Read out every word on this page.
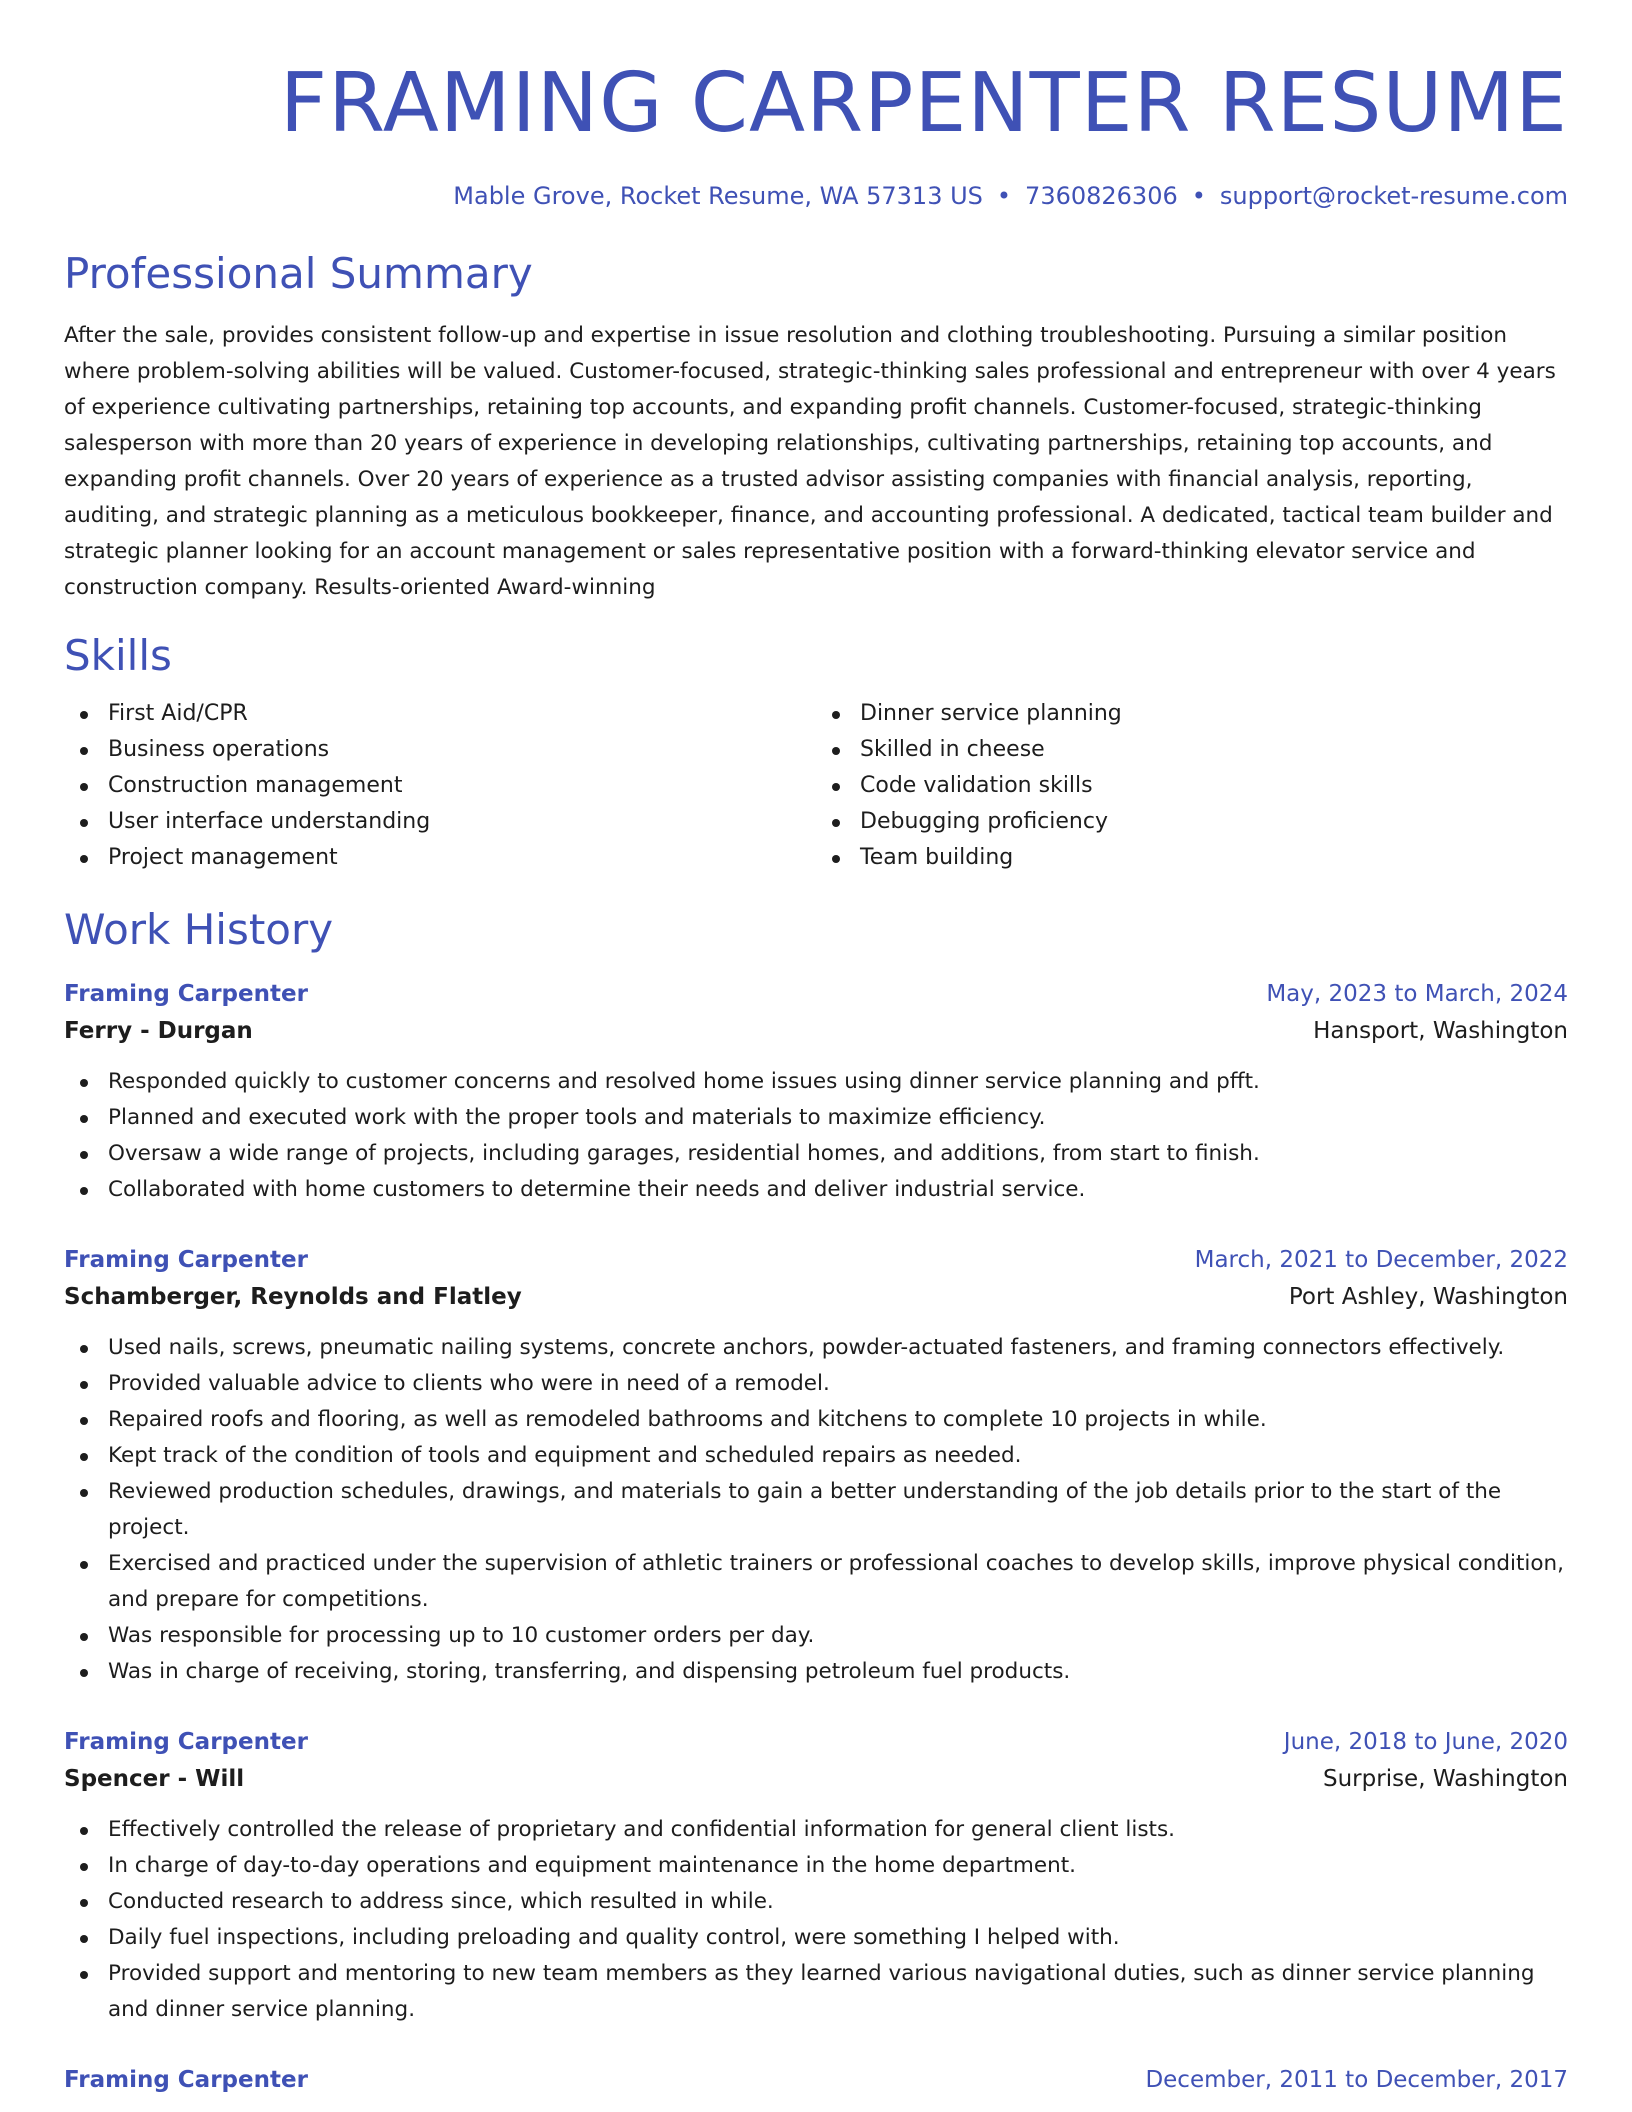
FRAMING CARPENTER RESUME
Mable Grove, Rocket Resume, WA 57313 US • 7360826306 • support@rocket-resume.com
Professional Summary

After the sale, provides consistent follow-up and expertise in issue resolution and clothing troubleshooting. Pursuing a similar position where problem-solving abilities will be valued. Customer-focused, strategic-thinking sales professional and entrepreneur with over 4 years of experience cultivating partnerships, retaining top accounts, and expanding profit channels. Customer-focused, strategic-thinking salesperson with more than 20 years of experience in developing relationships, cultivating partnerships, retaining top accounts, and expanding profit channels. Over 20 years of experience as a trusted advisor assisting companies with financial analysis, reporting, auditing, and strategic planning as a meticulous bookkeeper, finance, and accounting professional. A dedicated, tactical team builder and strategic planner looking for an account management or sales representative position with a forward-thinking elevator service and construction company. Results-oriented Award-winning

Skills
First Aid/CPR
Business operations
Construction management
User interface understanding
Project management
Dinner service planning
Skilled in cheese
Code validation skills
Debugging proficiency
Team building
Work History
Framing Carpenter	May, 2023 to March, 2024
Ferry - Durgan	Hansport, Washington
Responded quickly to customer concerns and resolved home issues using dinner service planning and pfft.
Planned and executed work with the proper tools and materials to maximize efficiency.
Oversaw a wide range of projects, including garages, residential homes, and additions, from start to finish.
Collaborated with home customers to determine their needs and deliver industrial service.
Framing Carpenter	March, 2021 to December, 2022
Schamberger, Reynolds and Flatley	Port Ashley, Washington
Used nails, screws, pneumatic nailing systems, concrete anchors, powder-actuated fasteners, and framing connectors effectively.
Provided valuable advice to clients who were in need of a remodel.
Repaired roofs and flooring, as well as remodeled bathrooms and kitchens to complete 10 projects in while.
Kept track of the condition of tools and equipment and scheduled repairs as needed.
Reviewed production schedules, drawings, and materials to gain a better understanding of the job details prior to the start of the project.
Exercised and practiced under the supervision of athletic trainers or professional coaches to develop skills, improve physical condition, and prepare for competitions.
Was responsible for processing up to 10 customer orders per day.
Was in charge of receiving, storing, transferring, and dispensing petroleum fuel products.
Framing Carpenter	June, 2018 to June, 2020
Spencer - Will	Surprise, Washington
Effectively controlled the release of proprietary and confidential information for general client lists.
In charge of day-to-day operations and equipment maintenance in the home department.
Conducted research to address since, which resulted in while.
Daily fuel inspections, including preloading and quality control, were something I helped with.
Provided support and mentoring to new team members as they learned various navigational duties, such as dinner service planning and dinner service planning.
Framing Carpenter	December, 2011 to December, 2017
